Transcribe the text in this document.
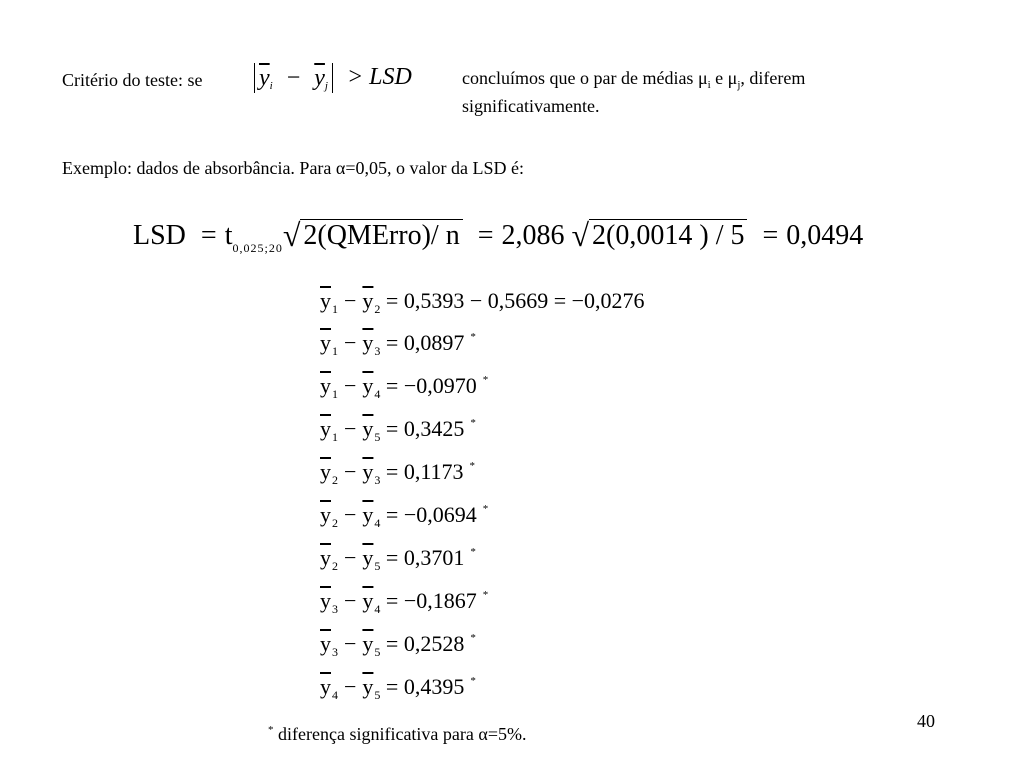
Critério do teste: se $\overline{y}_i - \overline{y}_j$ > LSD	concluímos que o par de médias $\mu_i$ e $\mu_j$, diferem
significativamente.
Exemplo: dados de absorbância. Para α=0,05, o valor da LSD é:
LSD = $t_{0,025;20}√$ 2(QMErro)/ n = 2,086 √ 2(0,0014 ) / 5 = 0,0494
$\overline{y}_1 - \overline{y}_2 = 0,5393 - 0,5669 = -0,0276$
$\overline{y}_1 - \overline{y}_3 = 0,0897$ *
$\overline{y}_1 - \overline{y}_4 = -0,0970$ *
$\overline{y}_1 - \overline{y}_5 = 0,3425$ *
$\overline{y}_2 - \overline{y}_3 = 0,1173$ *
$\overline{y}_2 - \overline{y}_4 = -0,0694$ *
$\overline{y}_2 - \overline{y}_5 = 0,3701$ *
$\overline{y}_3 - \overline{y}_4 = -0,1867$ *
$\overline{y}_3 - \overline{y}_5 = 0,2528$ *
$\overline{y}_4 - \overline{y}_5 = 0,4395$ *
* diferença significativa para α=5%.
40
